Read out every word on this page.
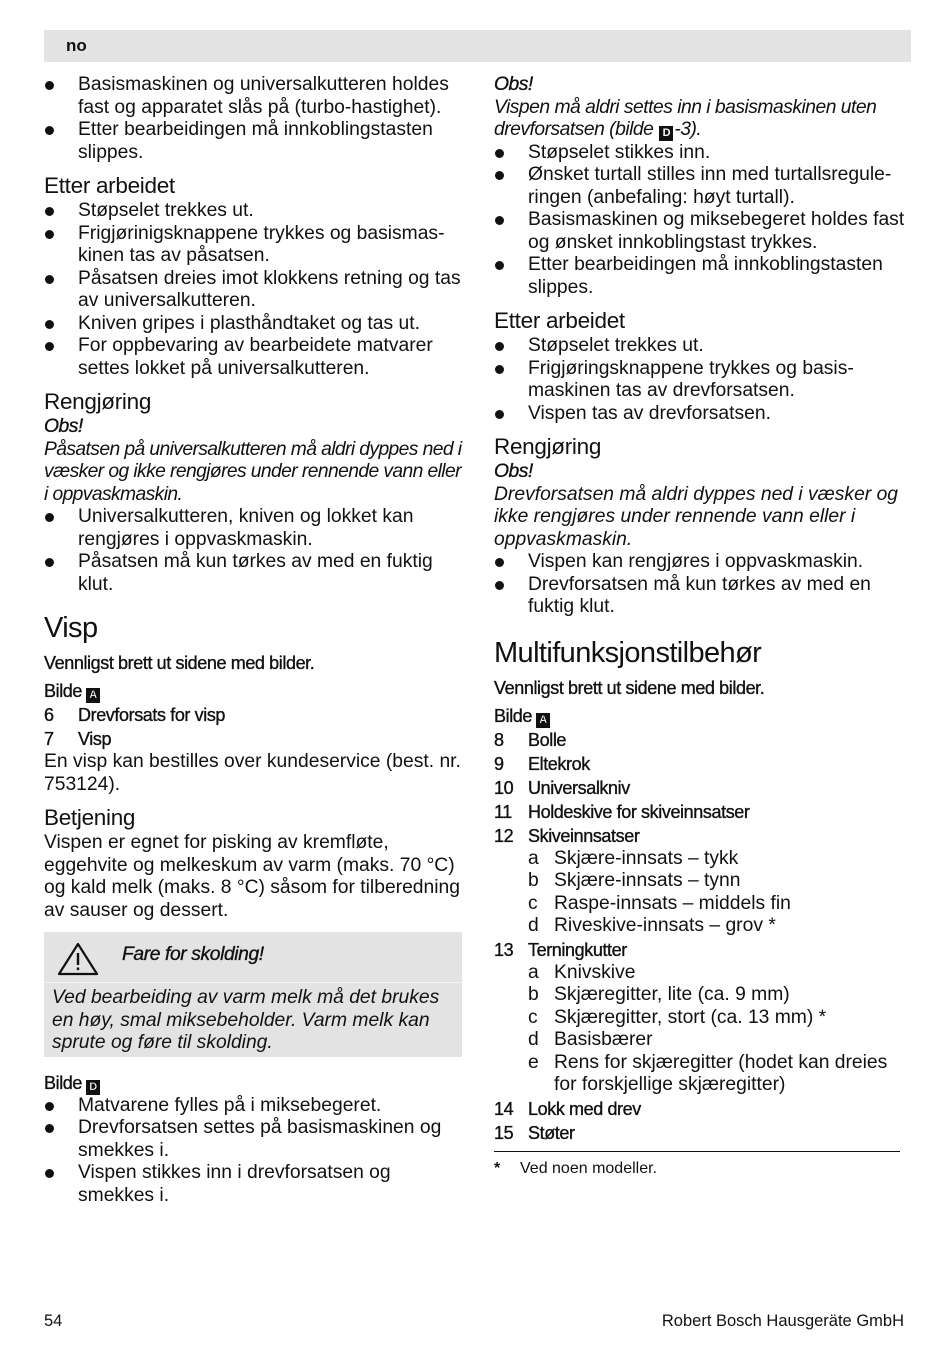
no
Basismaskinen og universalkutteren holdes fast og apparatet slås på (turbo-hastighet).
Etter bearbeidingen må innkoblingstasten slippes.
Etter arbeidet
Støpselet trekkes ut.
Frigjørinigsknappene trykkes og basismas-kinen tas av påsatsen.
Påsatsen dreies imot klokkens retning og tas av universalkutteren.
Kniven gripes i plasthåndtaket og tas ut.
For oppbevaring av bearbeidete matvarer settes lokket på universalkutteren.
Rengjøring

Obs!

Påsatsen på universalkutteren må aldri dyppes ned i væsker og ikke rengjøres under rennende vann eller i oppvaskmaskin.

Universalkutteren, kniven og lokket kan rengjøres i oppvaskmaskin.
Påsatsen må kun tørkes av med en fuktig klut.
Visp

Vennligst brett ut sidene med bilder.

Bilde A

6 Drevforsats for visp
7 Visp

En visp kan bestilles over kundeservice (best. nr. 753124).

Betjening

Vispen er egnet for pisking av kremfløte, eggehvite og melkeskum av varm (maks. 70 °C) og kald melk (maks. 8 °C) såsom for tilberedning av sauser og dessert.

Fare for skolding!

Ved bearbeiding av varm melk må det brukes en høy, smal miksebeholder. Varm melk kan sprute og føre til skolding.

Bilde D

Matvarene fylles på i miksebegeret.
Drevforsatsen settes på basismaskinen og smekkes i.
Vispen stikkes inn i drevforsatsen og smekkes i.

Obs!

Vispen må aldri settes inn i basismaskinen uten drevforsatsen (bilde D -3).

Støpselet stikkes inn.
Ønsket turtall stilles inn med turtallsregule-ringen (anbefaling: høyt turtall).
Basismaskinen og miksebegeret holdes fast og ønsket innkoblingstast trykkes.
Etter bearbeidingen må innkoblingstasten slippes.
Etter arbeidet
Støpselet trekkes ut.
Frigjøringsknappene trykkes og basis-maskinen tas av drevforsatsen.
Vispen tas av drevforsatsen.
Rengjøring

Obs!

Drevforsatsen må aldri dyppes ned i væsker og ikke rengjøres under rennende vann eller i oppvaskmaskin.

Vispen kan rengjøres i oppvaskmaskin.
Drevforsatsen må kun tørkes av med en fuktig klut.
Multifunksjonstilbehør

Vennligst brett ut sidene med bilder.

Bilde A

8 Bolle
9 Eltekrok
10 Universalkniv
11 Holdeskive for skiveinnsatser
12 Skiveinnsatser
a Skjære-innsats – tykk
b Skjære-innsats – tynn
c Raspe-innsats – middels fin
d Riveskive-innsats – grov *
13 Terningkutter
a Knivskive
b Skjæregitter, lite (ca. 9 mm)
c Skjæregitter, stort (ca. 13 mm) *
d Basisbærer
e Rens for skjæregitter (hodet kan dreies for forskjellige skjæregitter)
14 Lokk med drev
15 Støter
* Ved noen modeller.
54	Robert Bosch Hausgeräte GmbH
